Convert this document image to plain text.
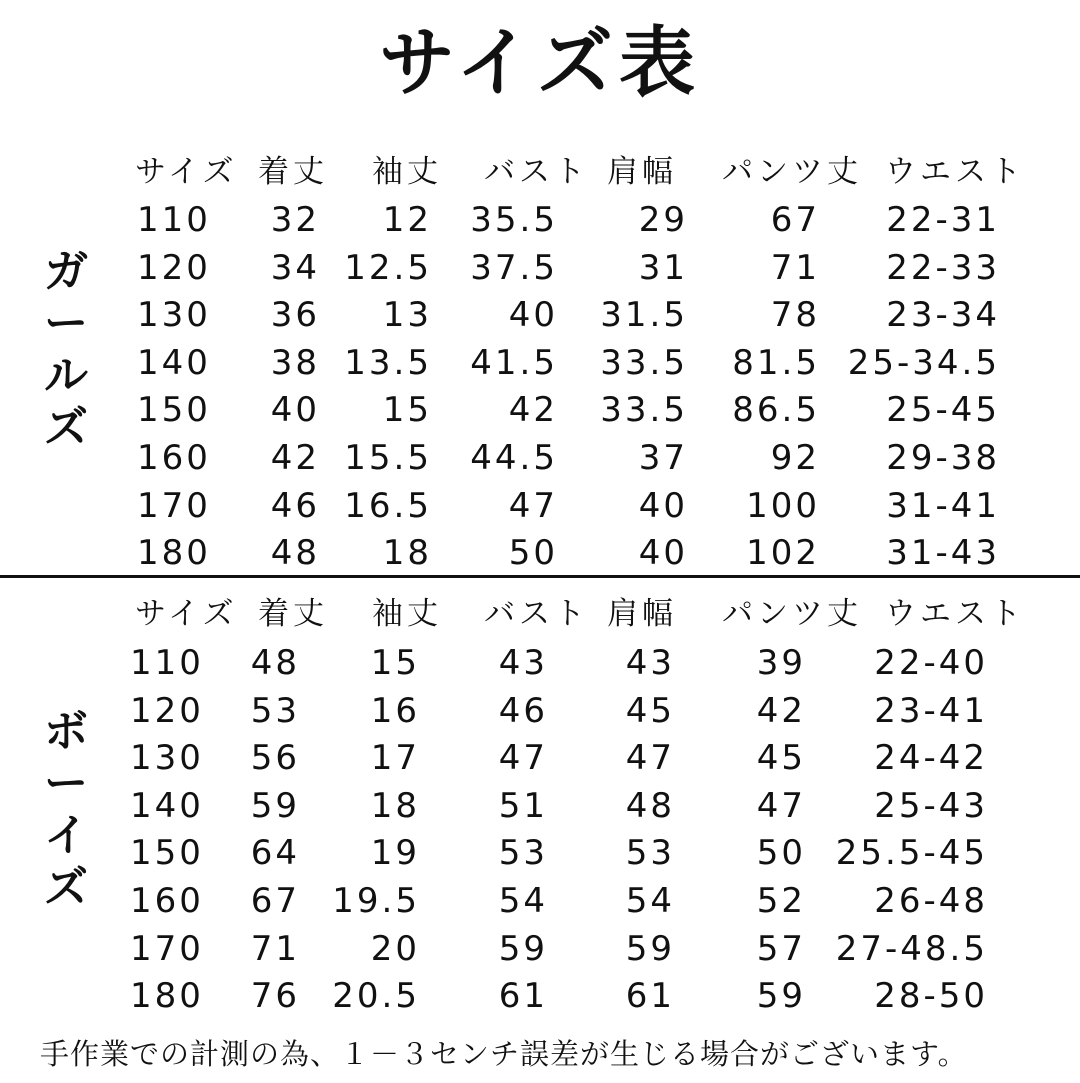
サイズ表
ガ
ー
ル
ズ
ボ
ー
イ
ズ
サイズ 着丈 袖丈 バスト 肩幅 パンツ丈 ウエスト
110 32 12 35.5 29 67 22-31
120 34 12.5 37.5 31 71 22-33
130 36 13 40 31.5 78 23-34
140 38 13.5 41.5 33.5 81.5 25-34.5
150 40 15 42 33.5 86.5 25-45
160 42 15.5 44.5 37 92 29-38
170 46 16.5 47 40 100 31-41
180 48 18 50 40 102 31-43
サイズ 着丈 袖丈 バスト 肩幅 パンツ丈 ウエスト
110 48 15 43 43 39 22-40
120 53 16 46 45 42 23-41
130 56 17 47 47 45 24-42
140 59 18 51 48 47 25-43
150 64 19 53 53 50 25.5-45
160 67 19.5 54 54 52 26-48
170 71 20 59 59 57 27-48.5
180 76 20.5 61 61 59 28-50
手作業での計測の為、１－３センチ誤差が生じる場合がございます。
